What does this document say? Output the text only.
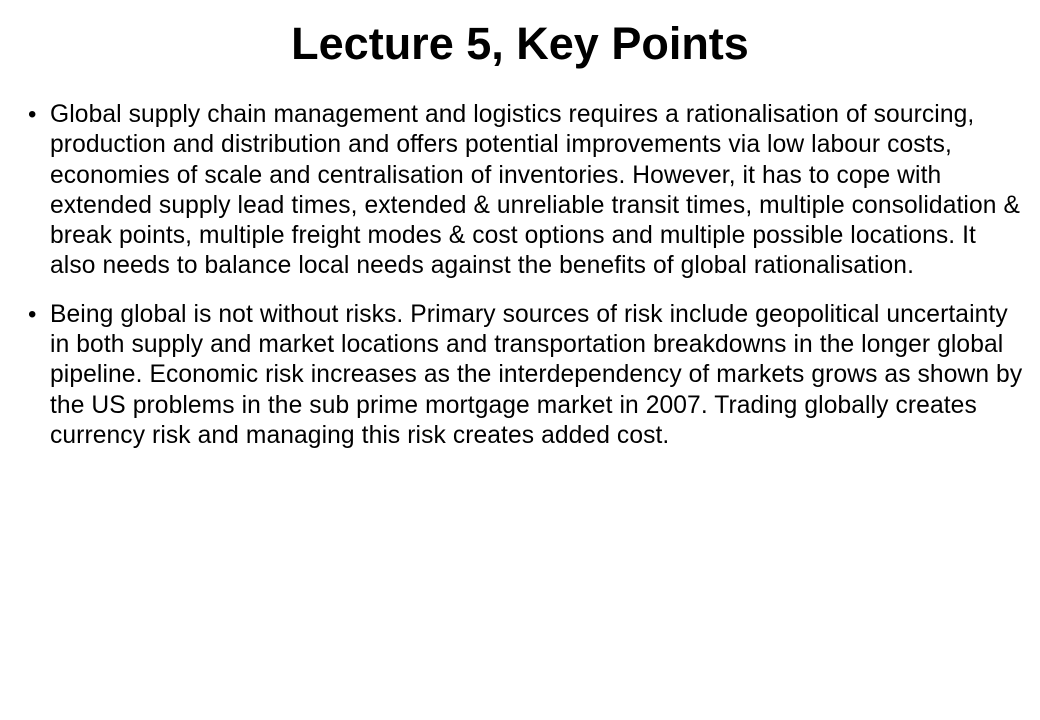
Lecture 5, Key Points
• Global supply chain management and logistics requires a rationalisation of sourcing, production and distribution and offers potential improvements via low labour costs, economies of scale and centralisation of inventories. However, it has to cope with extended supply lead times, extended & unreliable transit times, multiple consolidation & break points, multiple freight modes & cost options and multiple possible locations. It also needs to balance local needs against the benefits of global rationalisation.
• Being global is not without risks. Primary sources of risk include geopolitical uncertainty in both supply and market locations and transportation breakdowns in the longer global pipeline. Economic risk increases as the interdependency of markets grows as shown by the US problems in the sub prime mortgage market in 2007. Trading globally creates currency risk and managing this risk creates added cost.
